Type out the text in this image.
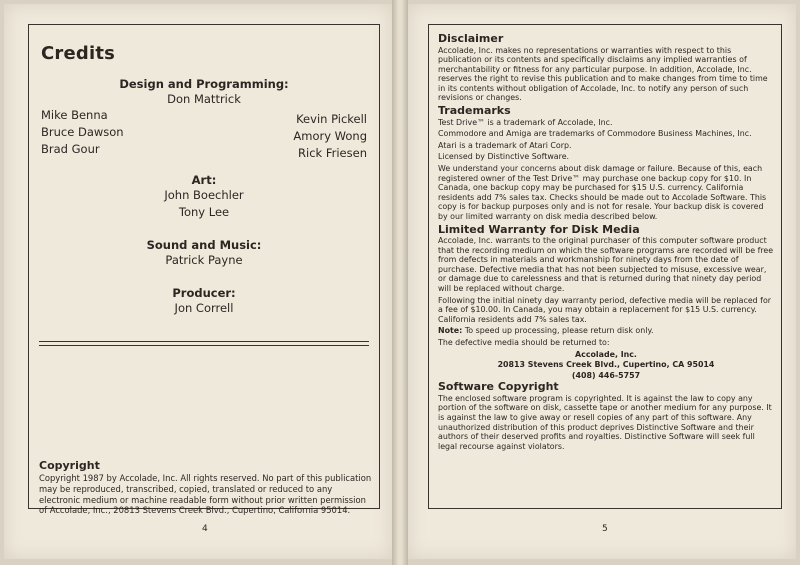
Credits
Design and Programming:
Don Mattrick
Mike Benna
Bruce Dawson
Brad Gour
Kevin Pickell
Amory Wong
Rick Friesen
Art:
John Boechler
Tony Lee
Sound and Music:
Patrick Payne
Producer:
Jon Correll
Copyright

Copyright 1987 by Accolade, Inc. All rights reserved. No part of this publication may be reproduced, transcribed, copied, translated or reduced to any electronic medium or machine readable form without prior written permission of Accolade, Inc., 20813 Stevens Creek Blvd., Cupertino, California 95014.

4
Disclaimer

Accolade, Inc. makes no representations or warranties with respect to this publication or its contents and specifically disclaims any implied warranties of merchantability or fitness for any particular purpose. In addition, Accolade, Inc. reserves the right to revise this publication and to make changes from time to time in its contents without obligation of Accolade, Inc. to notify any person of such revisions or changes.

Trademarks

Test Drive™ is a trademark of Accolade, Inc.

Commodore and Amiga are trademarks of Commodore Business Machines, Inc.

Atari is a trademark of Atari Corp.

Licensed by Distinctive Software.

We understand your concerns about disk damage or failure. Because of this, each registered owner of the Test Drive™ may purchase one backup copy for $10. In Canada, one backup copy may be purchased for $15 U.S. currency. California residents add 7% sales tax. Checks should be made out to Accolade Software. This copy is for backup purposes only and is not for resale. Your backup disk is covered by our limited warranty on disk media described below.

Limited Warranty for Disk Media

Accolade, Inc. warrants to the original purchaser of this computer software product that the recording medium on which the software programs are recorded will be free from defects in materials and workmanship for ninety days from the date of purchase. Defective media that has not been subjected to misuse, excessive wear, or damage due to carelessness and that is returned during that ninety day period will be replaced without charge.

Following the initial ninety day warranty period, defective media will be replaced for a fee of $10.00. In Canada, you may obtain a replacement for $15 U.S. currency. California residents add 7% sales tax.

Note: To speed up processing, please return disk only.

The defective media should be returned to:

Accolade, Inc.

20813 Stevens Creek Blvd., Cupertino, CA 95014

(408) 446-5757

Software Copyright

The enclosed software program is copyrighted. It is against the law to copy any portion of the software on disk, cassette tape or another medium for any purpose. It is against the law to give away or resell copies of any part of this software. Any unauthorized distribution of this product deprives Distinctive Software and their authors of their deserved profits and royalties. Distinctive Software will seek full legal recourse against violators.

5
